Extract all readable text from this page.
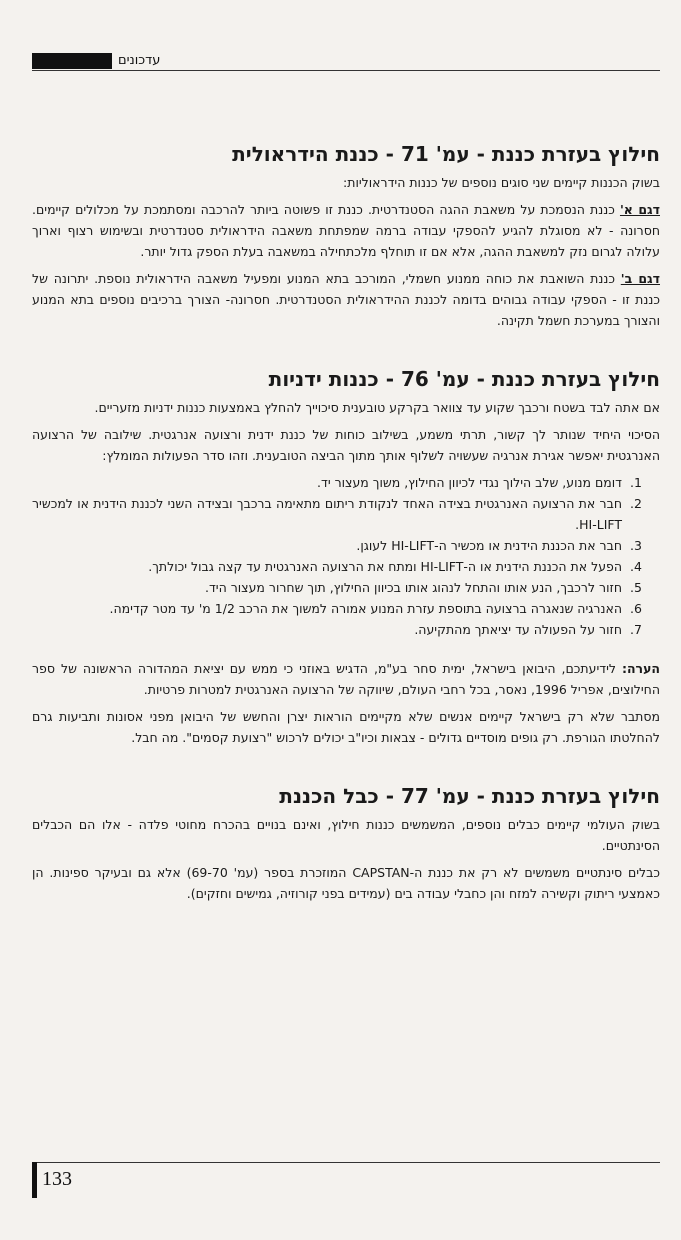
עדכונים
חילוץ בעזרת כננת - עמ' 71 - כננת הידראולית

בשוק הכננות קיימים שני סוגים נוספים של כננות הידראוליות:

דגם א' כננת הנסמכת על משאבת ההגה הסטנדרטית. כננת זו פשוטה ביותר להרכבה ומסתמכת על מכלולים קיימים. חסרונה - לא מסוגלת להגיע להספקי עבודה ברמה שמפתחת משאבה הידראולית סטנדרטית ובשימוש רצוף וארוך עלולה לגרום נזק למשאבת ההגה, אלא אם זו תוחלף מלכתחילה במשאבה בעלת הספק גדול יותר.

דגם ב' כננת השואבת את כוחה ממנוע חשמלי, המורכב בתא המנוע ומפעיל משאבה הידראולית נוספת. יתרונה של כננת זו - הספקי עבודה גבוהים בדומה לכננת ההידראולית הסטנדרטית. חסרונה- הצורך ברכיבים נוספים בתא המנוע והצורך במערכת חשמל תקינה.

חילוץ בעזרת כננת - עמ' 76 - כננות ידניות

אם אתה לבד בשטח ורכבך שקוע עד צוואר בקרקע טובענית סיכוייך להחלץ באמצעות כננות ידניות מזעריים.

הסיכוי היחיד שנותר לך קשור, תרתי משמע, בשילוב כוחות של כננת ידנית ורצועה אנרגטית. שילובה של הרצועה האנרגטית יאפשר אגירת אנרגיה שעשויה לשלוף אותך מתוך הביצה הטובענית. וזהו סדר הפעולות המומלץ:

1. דומם מנוע, שלב הילוך נגדי לכיוון החילוץ, משוך מעצור יד.
2. חבר את הרצועה האנרגטית בצידה האחד לנקודת ריתום מתאימה ברכבך ובצידה השני לכננת הידנית או למכשיר HI-LIFT.
3. חבר את הכננת הידנית או מכשיר ה-HI-LIFT לעוגן.
4. הפעל את הכננת הידנית או ה-HI-LIFT ומתח את הרצועה האנרגטית עד קצה גבול יכולתך.
5. חזור לרכבך, הנע אותו והתחל לנהוג אותו בכיוון החילוץ, תוך שחרור מעצור היד.
6. האנרגיה שנאגרה ברצועה בתוספת עזרת המנוע אמורה למשוך את הרכב 1/2 מ' עד מטר קדימה.
7. חזור על הפעולה עד יציאתך מהתקיעה.

הערה: לידיעתכם, היבואן בישראל, ימית סחר בע"מ, הדגיש באוזני כי ממש עם יציאת המהדורה הראשונה של ספר החילוצים, אפריל 1996, נאסר, בכל רחבי העולם, שיווקה של הרצועה האנרגטית למטרות פרטיות.

מסתבר שלא רק בישראל קיימים אנשים שלא מקיימים הוראות יצרן והחשש של היבואן מפני אסונות ותביעות גרם להחלטתו הגורפת. רק גופים מוסדיים גדולים - צבאות וכיו"ב יכולים לרכוש "רצועת קסמים". מה חבל.

חילוץ בעזרת כננת - עמ' 77 - כבל הכננת

בשוק העולמי קיימים כבלים נוספים, המשמשים כננות חילוץ, ואינם בנויים בהכרח מחוטי פלדה - אלו הם הכבלים הסינתטיים.

כבלים סינתטיים משמשים לא רק את כננת ה-CAPSTAN המוזכרת בספר (עמ' 69-70) אלא גם ובעיקר ספינות. הן כאמצעי ריתוק וקשירה למזח והן כחבלי עבודה בים (עמידים בפני קורוזיה, גמישים וחזקים).

133
